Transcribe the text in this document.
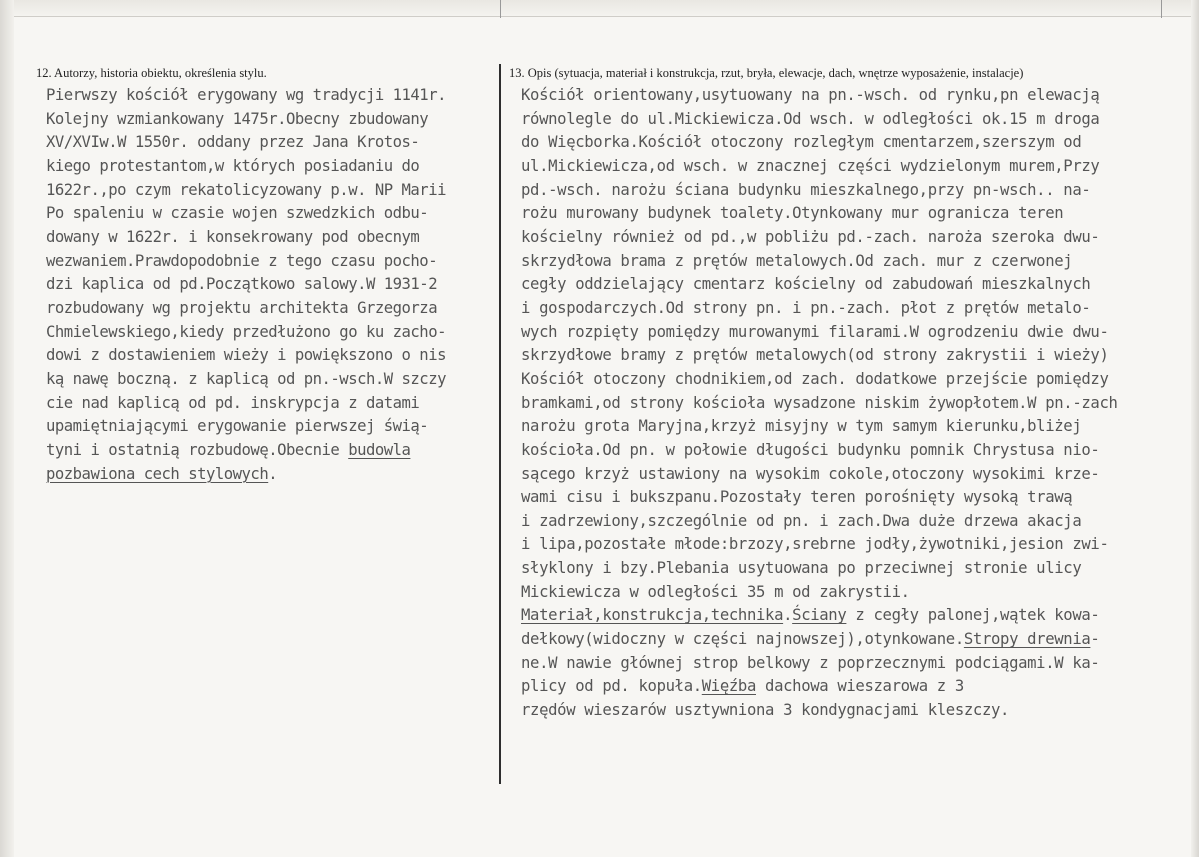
12. Autorzy, historia obiektu, określenia stylu.	13. Opis (sytuacja, materiał i konstrukcja, rzut, bryła, elewacje, dach, wnętrze wyposażenie, instalacje)
Pierwszy kościół erygowany wg tradycji 1141r.
Kolejny wzmiankowany 1475r.Obecny zbudowany
XV/XVIw.W 1550r. oddany przez Jana Krotos-
kiego protestantom,w których posiadaniu do
1622r.,po czym rekatolicyzowany p.w. NP Marii
Po spaleniu w czasie wojen szwedzkich odbu-
dowany w 1622r. i konsekrowany pod obecnym
wezwaniem.Prawdopodobnie z tego czasu pocho-
dzi kaplica od pd.Początkowo salowy.W 1931-2
rozbudowany wg projektu architekta Grzegorza
Chmielewskiego,kiedy przedłużono go ku zacho-
dowi z dostawieniem wieży i powiększono o nis
ką nawę boczną. z kaplicą od pn.-wsch.W szczy
cie nad kaplicą od pd. inskrypcja z datami
upamiętniającymi erygowanie pierwszej świą-
tyni i ostatnią rozbudowę.Obecnie budowla
pozbawiona cech stylowych.
Kościół orientowany,usytuowany na pn.-wsch. od rynku,pn elewacją
równolegle do ul.Mickiewicza.Od wsch. w odległości ok.15 m droga
do Więcborka.Kościół otoczony rozległym cmentarzem,szerszym od
ul.Mickiewicza,od wsch. w znacznej części wydzielonym murem,Przy
pd.-wsch. narożu ściana budynku mieszkalnego,przy pn-wsch.. na-
rożu murowany budynek toalety.Otynkowany mur ogranicza teren
kościelny również od pd.,w pobliżu pd.-zach. naroża szeroka dwu-
skrzydłowa brama z prętów metalowych.Od zach. mur z czerwonej
cegły oddzielający cmentarz kościelny od zabudowań mieszkalnych
i gospodarczych.Od strony pn. i pn.-zach. płot z prętów metalo-
wych rozpięty pomiędzy murowanymi filarami.W ogrodzeniu dwie dwu-
skrzydłowe bramy z prętów metalowych(od strony zakrystii i wieży)
Kościół otoczony chodnikiem,od zach. dodatkowe przejście pomiędzy
bramkami,od strony kościoła wysadzone niskim żywopłotem.W pn.-zach
narożu grota Maryjna,krzyż misyjny w tym samym kierunku,bliżej
kościoła.Od pn. w połowie długości budynku pomnik Chrystusa nio-
sącego krzyż ustawiony na wysokim cokole,otoczony wysokimi krze-
wami cisu i bukszpanu.Pozostały teren porośnięty wysoką trawą
i zadrzewiony,szczególnie od pn. i zach.Dwa duże drzewa akacja
i lipa,pozostałe młode:brzozy,srebrne jodły,żywotniki,jesion zwi-
słyklony i bzy.Plebania usytuowana po przeciwnej stronie ulicy
Mickiewicza w odległości 35 m od zakrystii.
Materiał,konstrukcja,technika.Ściany z cegły palonej,wątek kowa-
dełkowy(widoczny w części najnowszej),otynkowane.Stropy drewnia-
ne.W nawie głównej strop belkowy z poprzecznymi podciągami.W ka-
plicy od pd. kopuła.Więźba dachowa wieszarowa z 3
rzędów wieszarów usztywniona 3 kondygnacjami kleszczy.
